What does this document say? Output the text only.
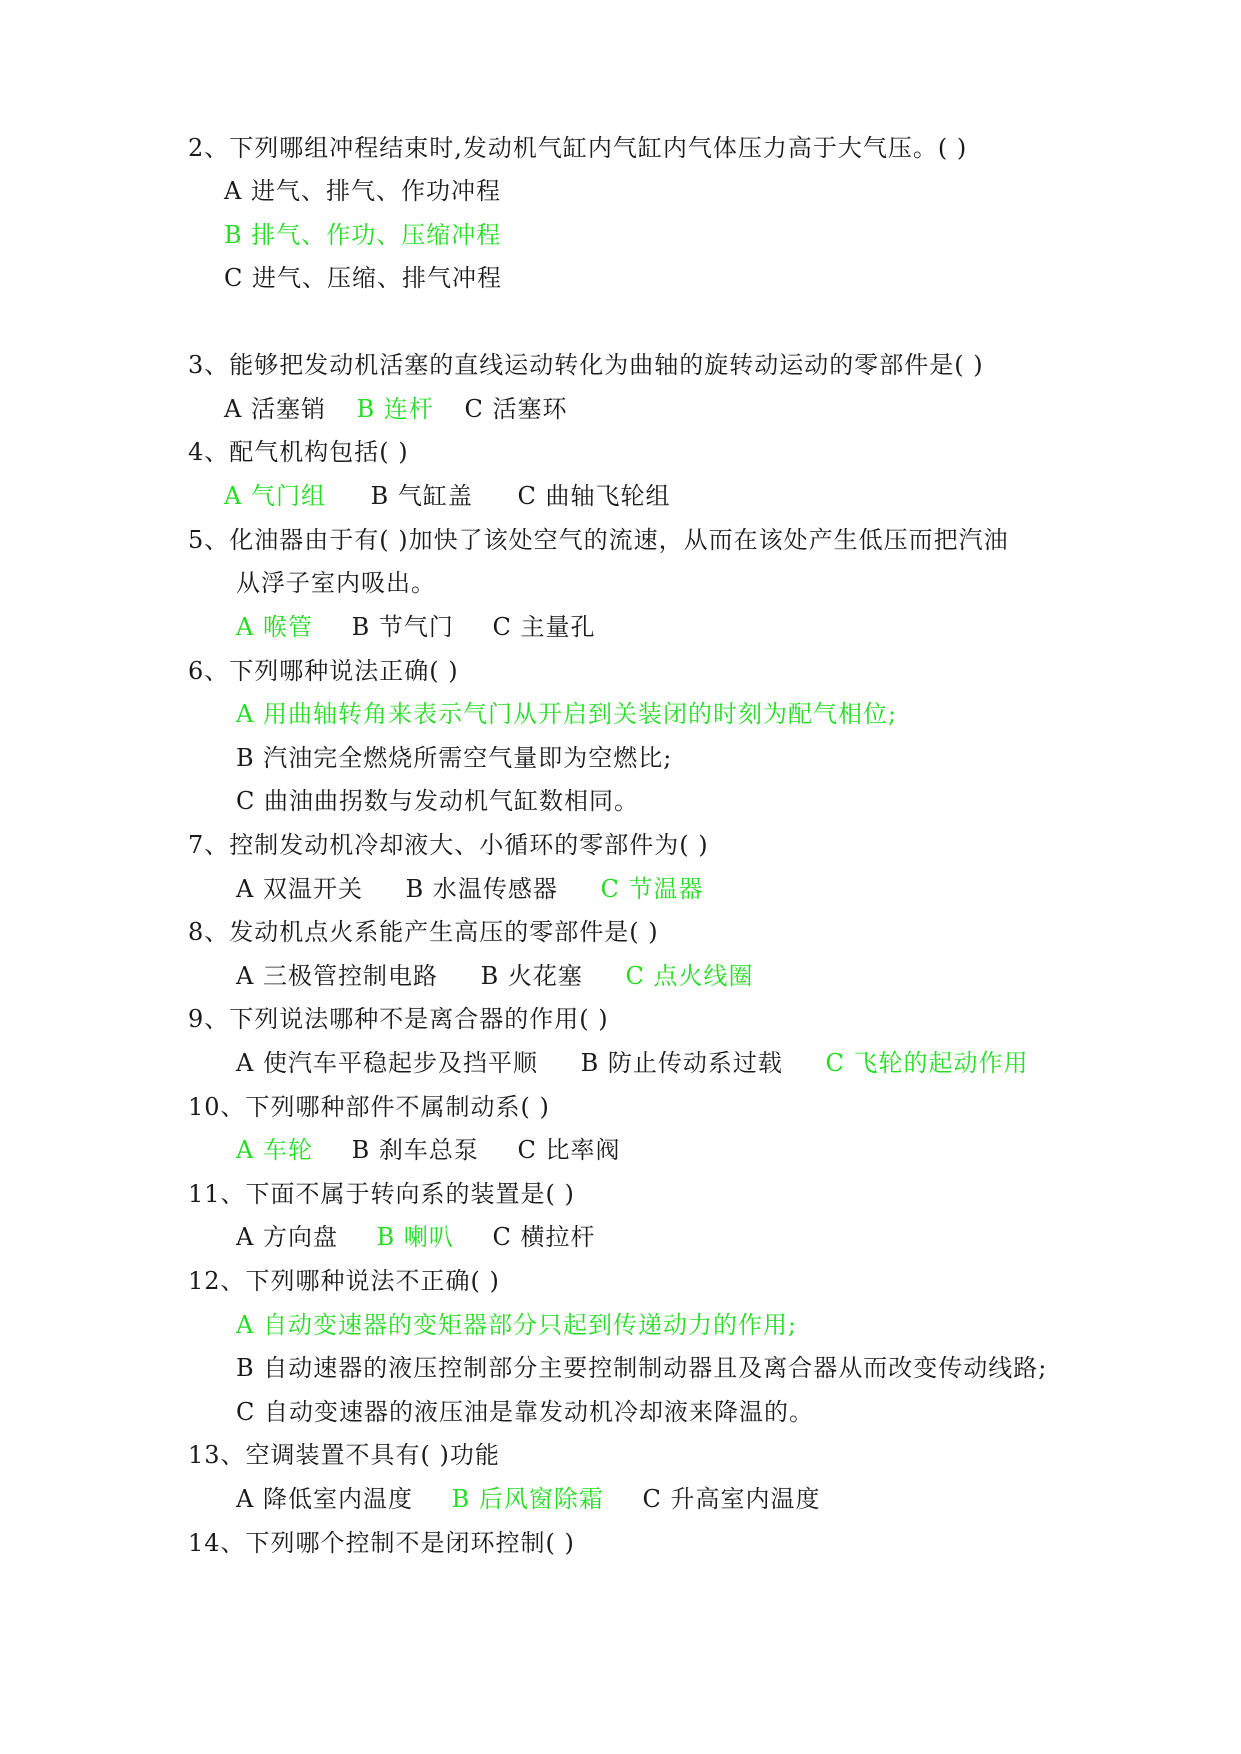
2、下列哪组冲程结束时,发动机气缸内气缸内气体压力高于大气压。( )
A 进气、排气、作功冲程
B 排气、作功、压缩冲程
C 进气、压缩、排气冲程
3、能够把发动机活塞的直线运动转化为曲轴的旋转动运动的零部件是( )
A 活塞销 B 连杆 C 活塞环
4、配气机构包括( )
A 气门组 B 气缸盖 C 曲轴飞轮组
5、化油器由于有( )加快了该处空气的流速，从而在该处产生低压而把汽油
从浮子室内吸出。
A 喉管 B 节气门 C 主量孔
6、下列哪种说法正确( )
A 用曲轴转角来表示气门从开启到关装闭的时刻为配气相位;
B 汽油完全燃烧所需空气量即为空燃比;
C 曲油曲拐数与发动机气缸数相同。
7、控制发动机冷却液大、小循环的零部件为( )
A 双温开关 B 水温传感器 C 节温器
8、发动机点火系能产生高压的零部件是( )
A 三极管控制电路 B 火花塞 C 点火线圈
9、下列说法哪种不是离合器的作用( )
A 使汽车平稳起步及挡平顺 B 防止传动系过载 C 飞轮的起动作用
10、下列哪种部件不属制动系( )
A 车轮 B 刹车总泵 C 比率阀
11、下面不属于转向系的装置是( )
A 方向盘 B 喇叭 C 横拉杆
12、下列哪种说法不正确( )
A 自动变速器的变矩器部分只起到传递动力的作用;
B 自动速器的液压控制部分主要控制制动器且及离合器从而改变传动线路;
C 自动变速器的液压油是靠发动机冷却液来降温的。
13、空调装置不具有( )功能
A 降低室内温度 B 后风窗除霜 C 升高室内温度
14、下列哪个控制不是闭环控制( )
